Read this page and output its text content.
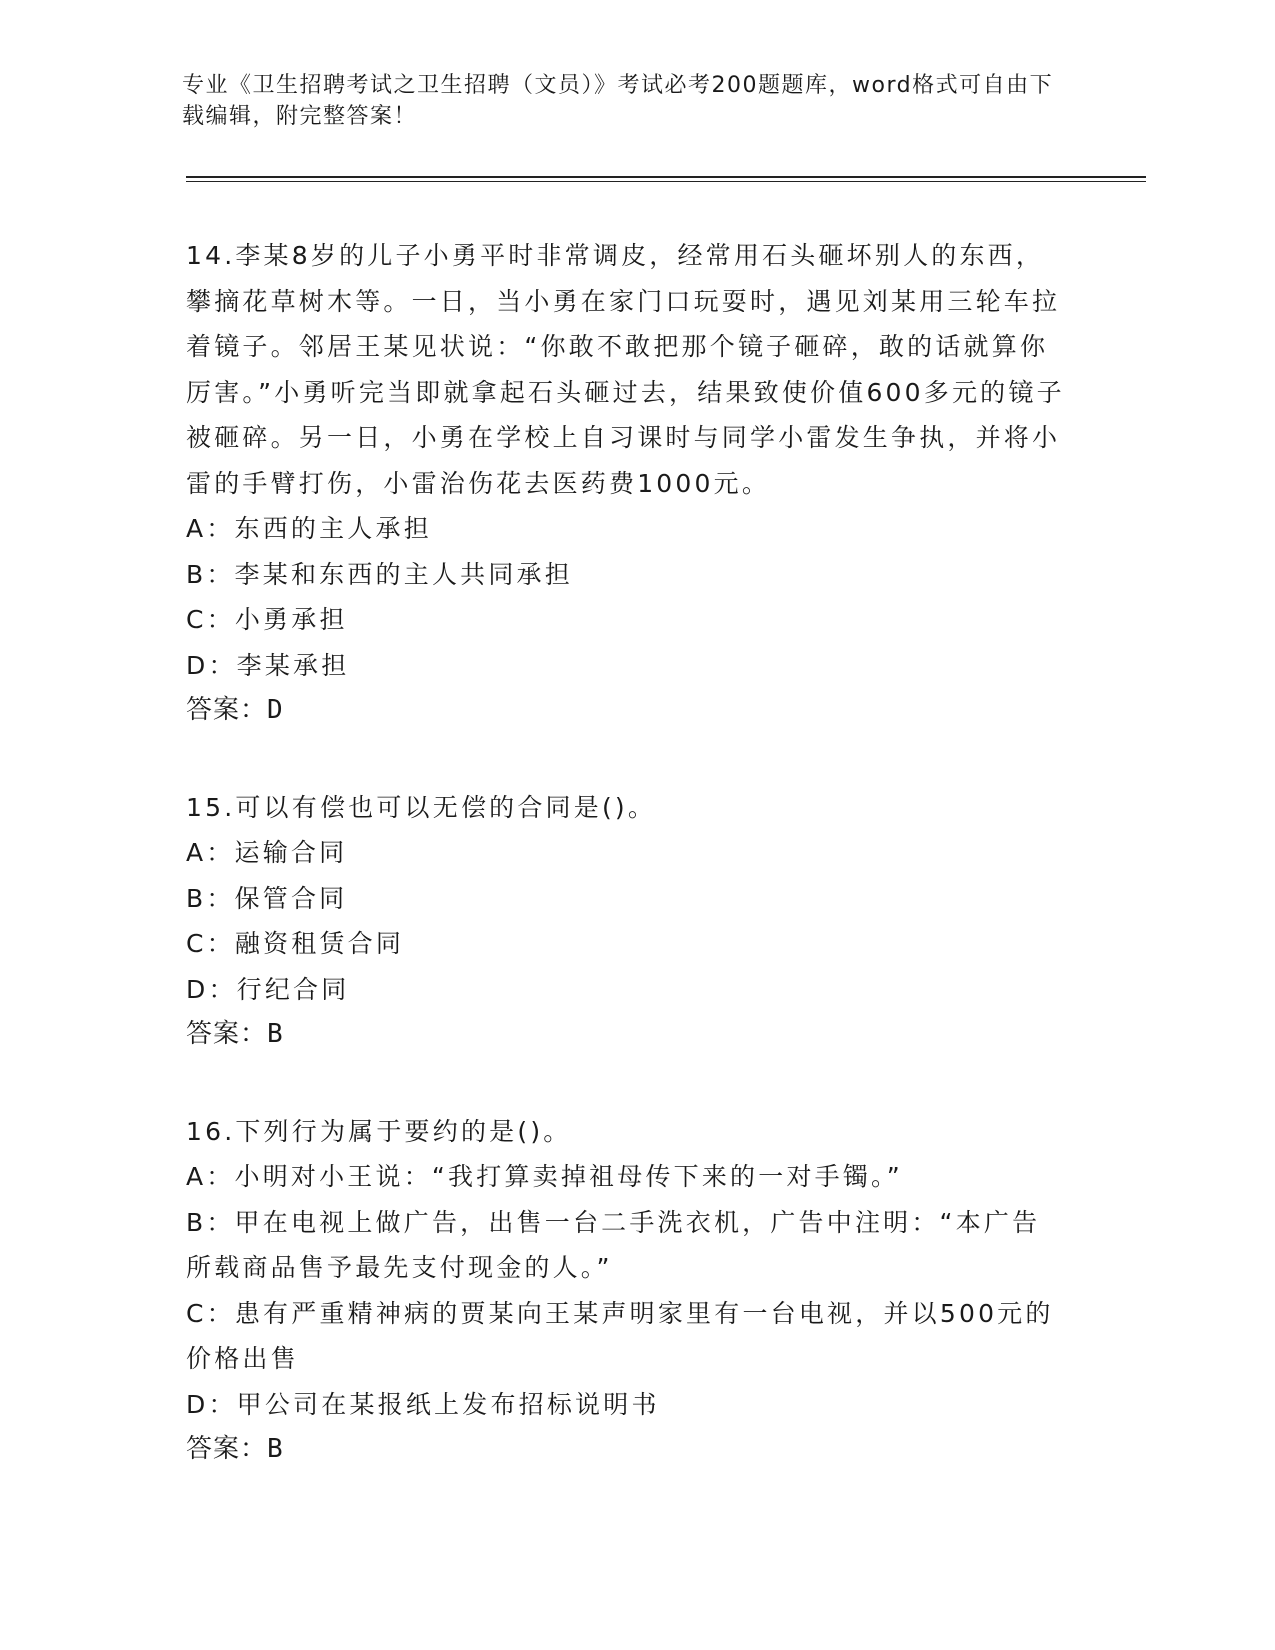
专业《卫生招聘考试之卫生招聘（文员）》考试必考200题题库，word格式可自由下载编辑，附完整答案！

14.李某8岁的儿子小勇平时非常调皮，经常用石头砸坏别人的东西，攀摘花草树木等。一日，当小勇在家门口玩耍时，遇见刘某用三轮车拉着镜子。邻居王某见状说：“你敢不敢把那个镜子砸碎，敢的话就算你厉害。”小勇听完当即就拿起石头砸过去，结果致使价值600多元的镜子被砸碎。另一日，小勇在学校上自习课时与同学小雷发生争执，并将小雷的手臂打伤，小雷治伤花去医药费1000元。

A：东西的主人承担

B：李某和东西的主人共同承担

C：小勇承担

D：李某承担

答案：D

15.可以有偿也可以无偿的合同是()。

A：运输合同

B：保管合同

C：融资租赁合同

D：行纪合同

答案：B

16.下列行为属于要约的是()。

A：小明对小王说：“我打算卖掉祖母传下来的一对手镯。”

B：甲在电视上做广告，出售一台二手洗衣机，广告中注明：“本广告所载商品售予最先支付现金的人。”

C：患有严重精神病的贾某向王某声明家里有一台电视，并以500元的价格出售

D：甲公司在某报纸上发布招标说明书

答案：B
